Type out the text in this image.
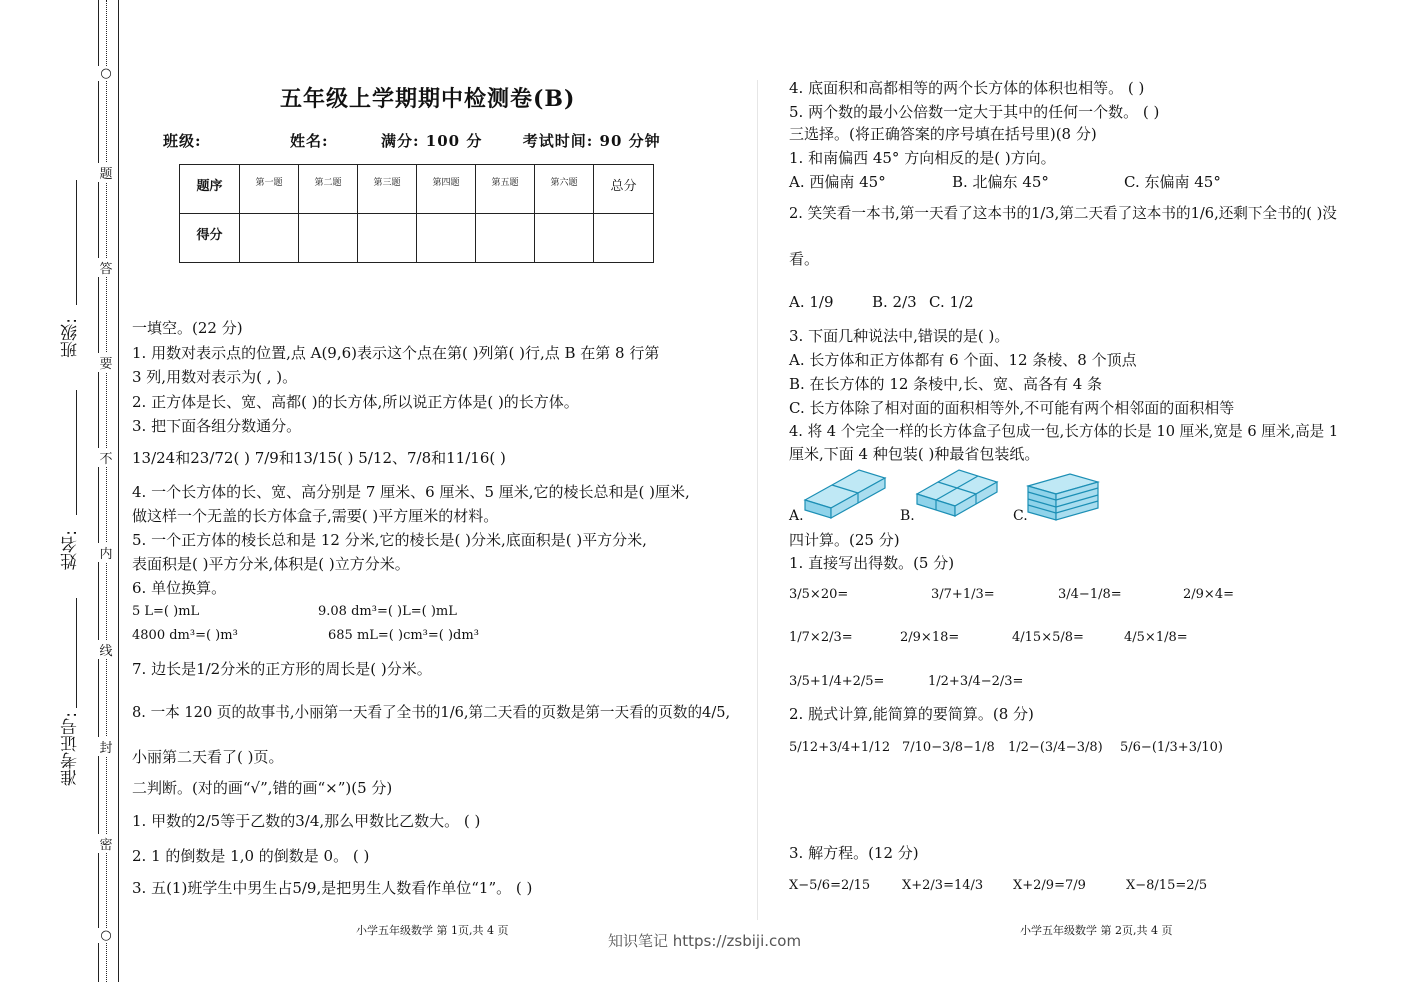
○
题
答
要
不
内
线
封
密
○
班级:
姓名:
准考证号:
五年级上学期期中检测卷(B)
班级:	姓名:	满分: 100 分	考试时间: 90 分钟
题序	第一题	第二题	第三题	第四题	第五题	第六题	总分
得分							
一填空。(22 分)
1. 用数对表示点的位置,点 A(9,6)表示这个点在第( )列第( )行,点 B 在第 8 行第
3 列,用数对表示为( , )。
2. 正方体是长、宽、高都( )的长方体,所以说正方体是( )的长方体。
3. 把下面各组分数通分。
13/24和23/72( ) 7/9和13/15( ) 5/12、7/8和11/16( )
4. 一个长方体的长、宽、高分别是 7 厘米、6 厘米、5 厘米,它的棱长总和是( )厘米,
做这样一个无盖的长方体盒子,需要( )平方厘米的材料。
5. 一个正方体的棱长总和是 12 分米,它的棱长是( )分米,底面积是( )平方分米,
表面积是( )平方分米,体积是( )立方分米。
6. 单位换算。
5 L=( )mL	9.08 dm³=( )L=( )mL
4800 dm³=( )m³	685 mL=( )cm³=( )dm³
7. 边长是1/2分米的正方形的周长是( )分米。
8. 一本 120 页的故事书,小丽第一天看了全书的1/6,第二天看的页数是第一天看的页数的4/5,
小丽第二天看了( )页。
二判断。(对的画“√”,错的画“×”)(5 分)
1. 甲数的2/5等于乙数的3/4,那么甲数比乙数大。 ( )
2. 1 的倒数是 1,0 的倒数是 0。 ( )
3. 五(1)班学生中男生占5/9,是把男生人数看作单位“1”。 ( )
小学五年级数学 第 1页,共 4 页
4. 底面积和高都相等的两个长方体的体积也相等。 ( )
5. 两个数的最小公倍数一定大于其中的任何一个数。 ( )
三选择。(将正确答案的序号填在括号里)(8 分)
1. 和南偏西 45° 方向相反的是( )方向。
A. 西偏南 45°	B. 北偏东 45°	C. 东偏南 45°
2. 笑笑看一本书,第一天看了这本书的1/3,第二天看了这本书的1/6,还剩下全书的( )没
看。
A. 1/9	B. 2/3 C. 1/2
3. 下面几种说法中,错误的是( )。
A. 长方体和正方体都有 6 个面、12 条棱、8 个顶点
B. 在长方体的 12 条棱中,长、宽、高各有 4 条
C. 长方体除了相对面的面积相等外,不可能有两个相邻面的面积相等
4. 将 4 个完全一样的长方体盒子包成一包,长方体的长是 10 厘米,宽是 6 厘米,高是 1
厘米,下面 4 种包装( )种最省包装纸。
A.	B.	C.
四计算。(25 分)
1. 直接写出得数。(5 分)
3/5×20=	3/7+1/3=	3/4−1/8=	2/9×4=
1/7×2/3=	2/9×18=	4/15×5/8=	4/5×1/8=
3/5+1/4+2/5=	1/2+3/4−2/3=
2. 脱式计算,能简算的要简算。(8 分)
5/12+3/4+1/12 7/10−3/8−1/8 1/2−(3/4−3/8) 5/6−(1/3+3/10)
3. 解方程。(12 分)
X−5/6=2/15 X+2/3=14/3 X+2/9=7/9	X−8/15=2/5
小学五年级数学 第 2页,共 4 页
知识笔记 https://zsbiji.com
